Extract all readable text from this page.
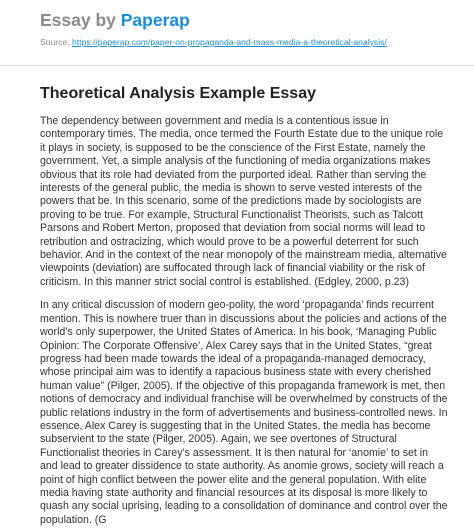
Essay by Paperap
Source: https://paperap.com/paper-on-propaganda-and-mass-media-a-theoretical-analysis/
Theoretical Analysis Example Essay

The dependency between government and media is a contentious issue in contemporary times. The media, once termed the Fourth Estate due to the unique role it plays in society, is supposed to be the conscience of the First Estate, namely the government. Yet, a simple analysis of the functioning of media organizations makes obvious that its role had deviated from the purported ideal. Rather than serving the interests of the general public, the media is shown to serve vested interests of the powers that be. In this scenario, some of the predictions made by sociologists are proving to be true. For example, Structural Functionalist Theorists, such as Talcott Parsons and Robert Merton, proposed that deviation from social norms will lead to retribution and ostracizing, which would prove to be a powerful deterrent for such behavior. And in the context of the near monopoly of the mainstream media, alternative viewpoints (deviation) are suffocated through lack of financial viability or the risk of criticism. In this manner strict social control is established. (Edgley, 2000, p.23)

In any critical discussion of modern geo-polity, the word ‘propaganda’ finds recurrent mention. This is nowhere truer than in discussions about the policies and actions of the world’s only superpower, the United States of America. In his book, ‘Managing Public Opinion: The Corporate Offensive’, Alex Carey says that in the United States, “great progress had been made towards the ideal of a propaganda-managed democracy, whose principal aim was to identify a rapacious business state with every cherished human value” (Pilger, 2005). If the objective of this propaganda framework is met, then notions of democracy and individual franchise will be overwhelmed by constructs of the public relations industry in the form of advertisements and business-controlled news. In essence, Alex Carey is suggesting that in the United States, the media has become subservient to the state (Pilger, 2005). Again, we see overtones of Structural Functionalist theories in Carey’s assessment. It is then natural for ‘anomie’ to set in and lead to greater dissidence to state authority. As anomie grows, society will reach a point of high conflict between the power elite and the general population. With elite media having state authority and financial resources at its disposal is more likely to quash any social uprising, leading to a consolidation of dominance and control over the population. (G
